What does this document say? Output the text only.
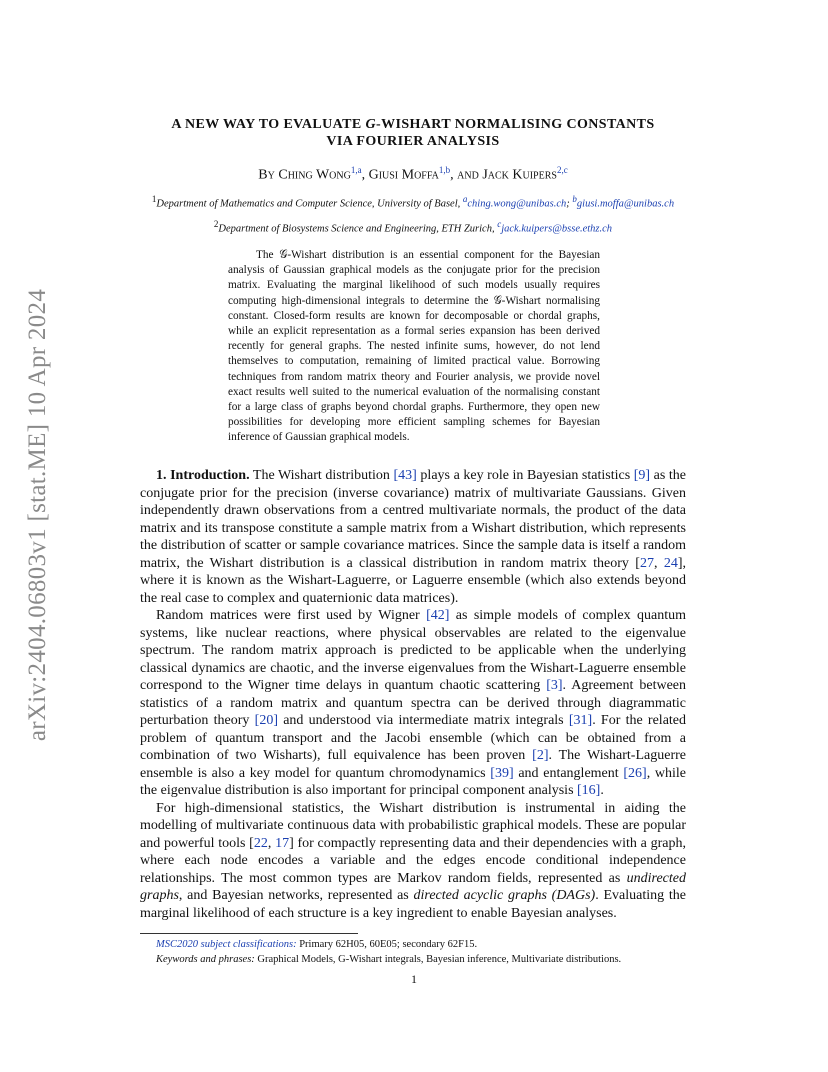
arXiv:2404.06803v1 [stat.ME] 10 Apr 2024
A NEW WAY TO EVALUATE G-WISHART NORMALISING CONSTANTS
VIA FOURIER ANALYSIS
By Ching Wong$^{1,a}$, Giusi Moffa$^{1,b}$, and Jack Kuipers$^{2,c}$
$^1$Department of Mathematics and Computer Science, University of Basel, $^a$ching.wong@unibas.ch; $^b$giusi.moffa@unibas.ch
$^2$Department of Biosystems Science and Engineering, ETH Zurich, $^c$jack.kuipers@bsse.ethz.ch
The 𝒢-Wishart distribution is an essential component for the Bayesian analysis of Gaussian graphical models as the conjugate prior for the precision matrix. Evaluating the marginal likelihood of such models usually requires computing high-dimensional integrals to determine the 𝒢-Wishart normalising constant. Closed-form results are known for decomposable or chordal graphs, while an explicit representation as a formal series expansion has been derived recently for general graphs. The nested infinite sums, however, do not lend themselves to computation, remaining of limited practical value. Borrowing techniques from random matrix theory and Fourier analysis, we provide novel exact results well suited to the numerical evaluation of the normalising constant for a large class of graphs beyond chordal graphs. Furthermore, they open new possibilities for developing more efficient sampling schemes for Bayesian inference of Gaussian graphical models.

1. Introduction. The Wishart distribution [43] plays a key role in Bayesian statistics [9] as the conjugate prior for the precision (inverse covariance) matrix of multivariate Gaussians. Given independently drawn observations from a centred multivariate normals, the product of the data matrix and its transpose constitute a sample matrix from a Wishart distribution, which represents the distribution of scatter or sample covariance matrices. Since the sample data is itself a random matrix, the Wishart distribution is a classical distribution in random matrix theory [27, 24], where it is known as the Wishart-Laguerre, or Laguerre ensemble (which also extends beyond the real case to complex and quaternionic data matrices).

Random matrices were first used by Wigner [42] as simple models of complex quantum systems, like nuclear reactions, where physical observables are related to the eigenvalue spectrum. The random matrix approach is predicted to be applicable when the underlying classical dynamics are chaotic, and the inverse eigenvalues from the Wishart-Laguerre ensemble correspond to the Wigner time delays in quantum chaotic scattering [3]. Agreement between statistics of a random matrix and quantum spectra can be derived through diagrammatic perturbation theory [20] and understood via intermediate matrix integrals [31]. For the related problem of quantum transport and the Jacobi ensemble (which can be obtained from a combination of two Wisharts), full equivalence has been proven [2]. The Wishart-Laguerre ensemble is also a key model for quantum chromodynamics [39] and entanglement [26], while the eigenvalue distribution is also important for principal component analysis [16].

For high-dimensional statistics, the Wishart distribution is instrumental in aiding the modelling of multivariate continuous data with probabilistic graphical models. These are popular and powerful tools [22, 17] for compactly representing data and their dependencies with a graph, where each node encodes a variable and the edges encode conditional independence relationships. The most common types are Markov random fields, represented as undirected graphs, and Bayesian networks, represented as directed acyclic graphs (DAGs). Evaluating the marginal likelihood of each structure is a key ingredient to enable Bayesian analyses.

MSC2020 subject classifications: Primary 62H05, 60E05; secondary 62F15.
Keywords and phrases: Graphical Models, G-Wishart integrals, Bayesian inference, Multivariate distributions.
1
